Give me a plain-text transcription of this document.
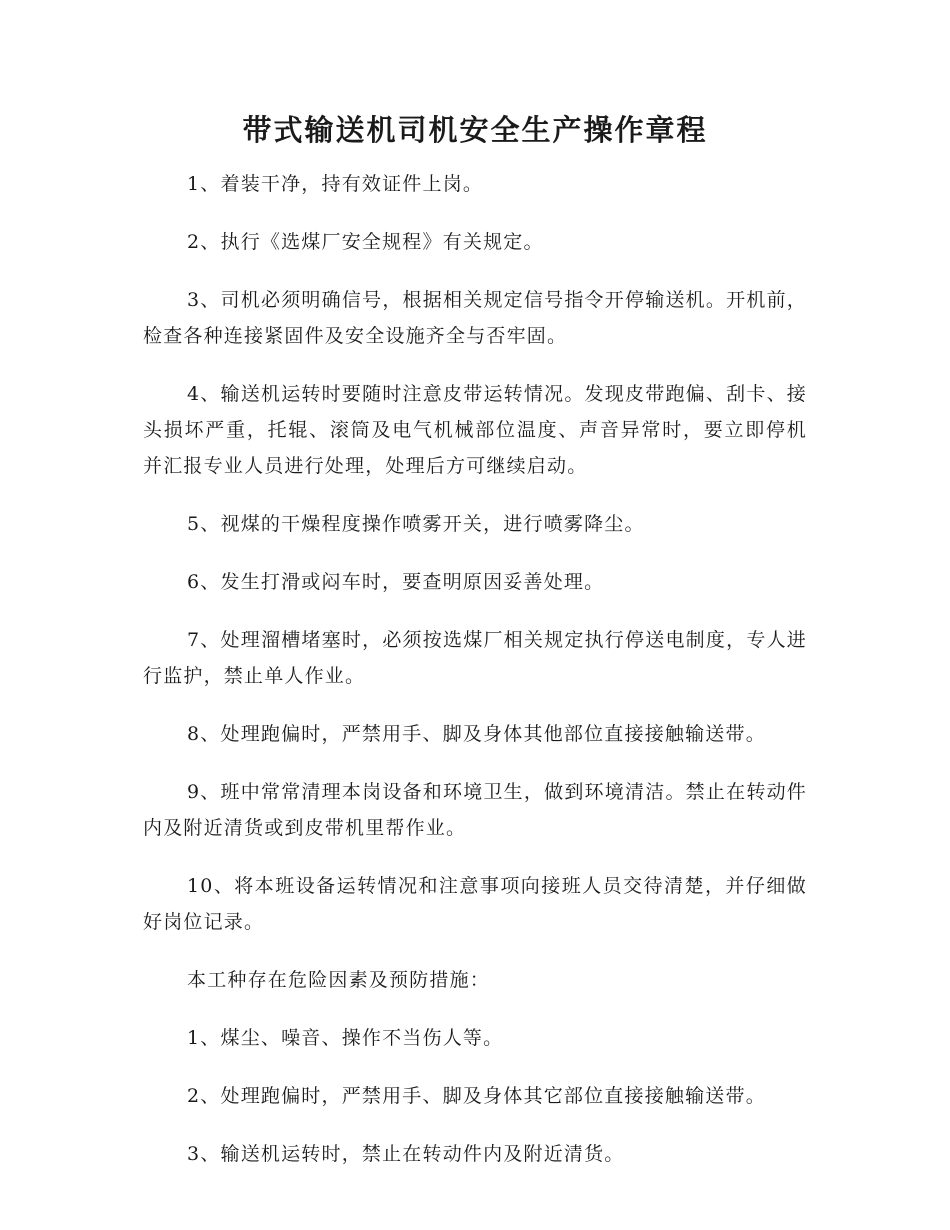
带式输送机司机安全生产操作章程

1、着装干净，持有效证件上岗。

2、执行《选煤厂安全规程》有关规定。

3、司机必须明确信号，根据相关规定信号指令开停输送机。开机前，检查各种连接紧固件及安全设施齐全与否牢固。

4、输送机运转时要随时注意皮带运转情况。发现皮带跑偏、刮卡、接头损坏严重，托辊、滚筒及电气机械部位温度、声音异常时，要立即停机并汇报专业人员进行处理，处理后方可继续启动。

5、视煤的干燥程度操作喷雾开关，进行喷雾降尘。

6、发生打滑或闷车时，要查明原因妥善处理。

7、处理溜槽堵塞时，必须按选煤厂相关规定执行停送电制度，专人进行监护，禁止单人作业。

8、处理跑偏时，严禁用手、脚及身体其他部位直接接触输送带。

9、班中常常清理本岗设备和环境卫生，做到环境清洁。禁止在转动件内及附近清货或到皮带机里帮作业。

10、将本班设备运转情况和注意事项向接班人员交待清楚，并仔细做好岗位记录。

本工种存在危险因素及预防措施：

1、煤尘、噪音、操作不当伤人等。

2、处理跑偏时，严禁用手、脚及身体其它部位直接接触输送带。

3、输送机运转时，禁止在转动件内及附近清货。
